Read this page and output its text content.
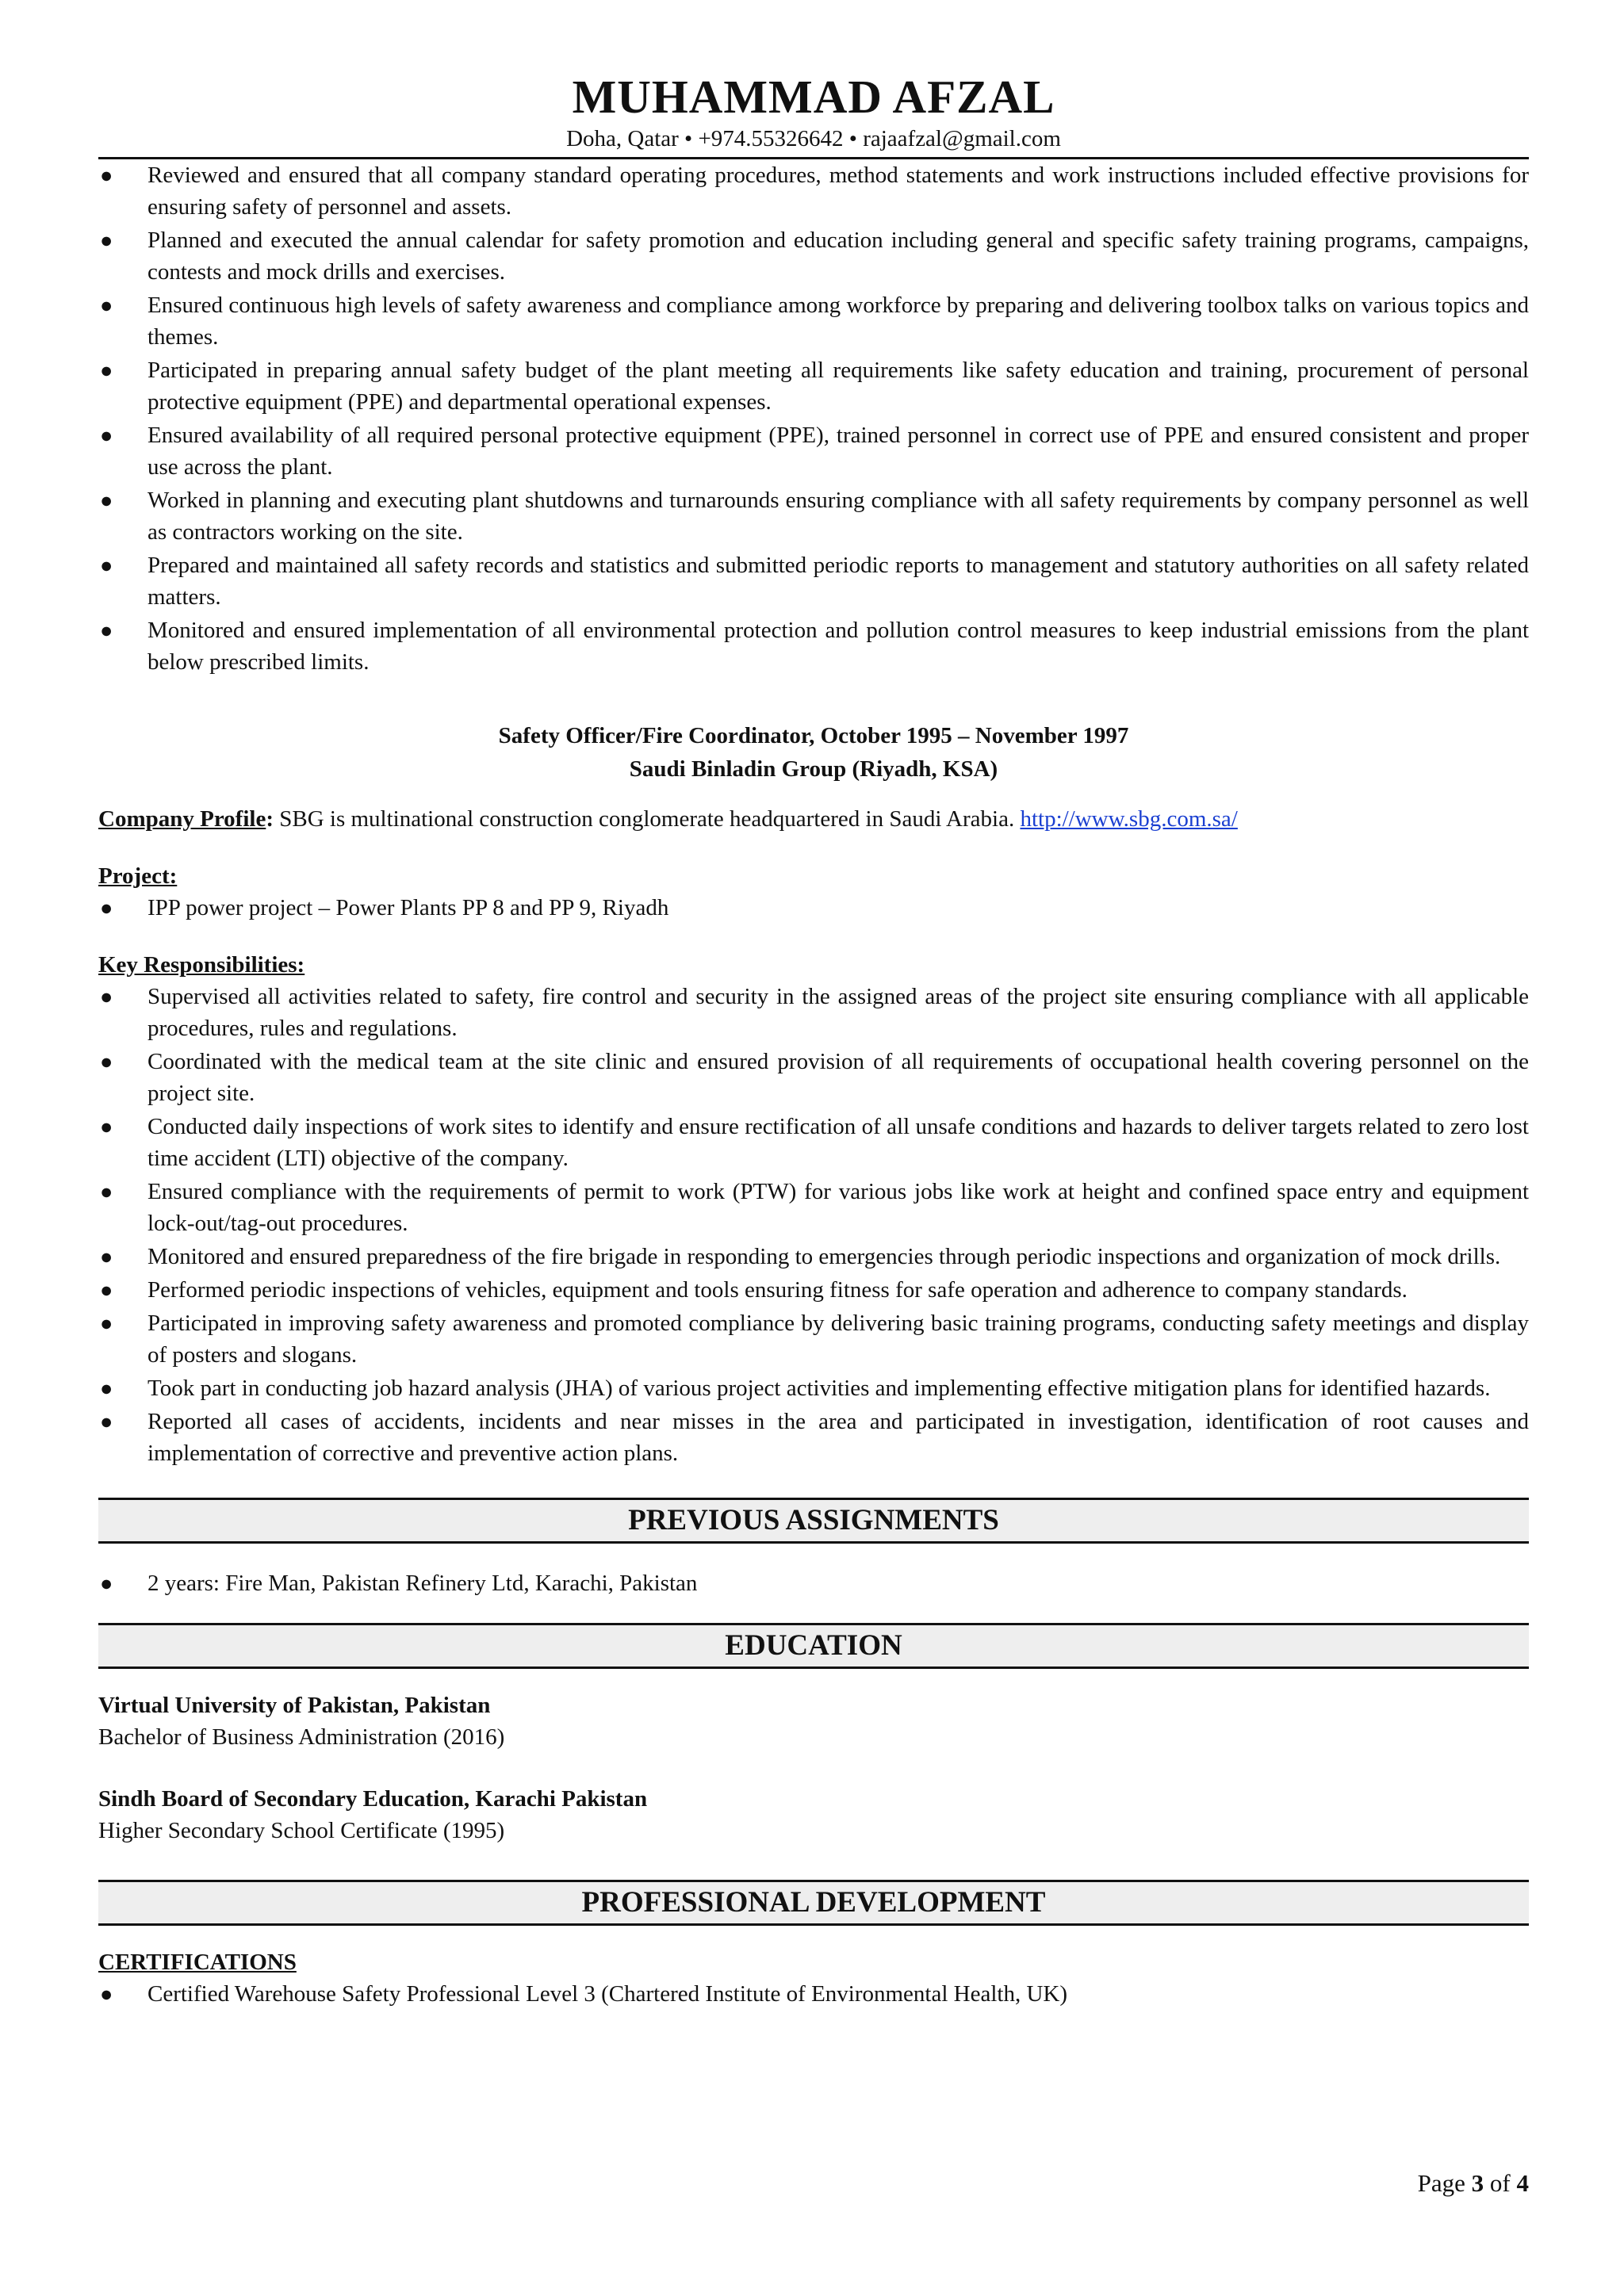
MUHAMMAD AFZAL
Doha, Qatar • +974.55326642 • rajaafzal@gmail.com
● Reviewed and ensured that all company standard operating procedures, method statements and work instructions included effective provisions for ensuring safety of personnel and assets.
● Planned and executed the annual calendar for safety promotion and education including general and specific safety training programs, campaigns, contests and mock drills and exercises.
● Ensured continuous high levels of safety awareness and compliance among workforce by preparing and delivering toolbox talks on various topics and themes.
● Participated in preparing annual safety budget of the plant meeting all requirements like safety education and training, procurement of personal protective equipment (PPE) and departmental operational expenses.
● Ensured availability of all required personal protective equipment (PPE), trained personnel in correct use of PPE and ensured consistent and proper use across the plant.
● Worked in planning and executing plant shutdowns and turnarounds ensuring compliance with all safety requirements by company personnel as well as contractors working on the site.
● Prepared and maintained all safety records and statistics and submitted periodic reports to management and statutory authorities on all safety related matters.
● Monitored and ensured implementation of all environmental protection and pollution control measures to keep industrial emissions from the plant below prescribed limits.
Safety Officer/Fire Coordinator, October 1995 – November 1997
Saudi Binladin Group (Riyadh, KSA)
Company Profile: SBG is multinational construction conglomerate headquartered in Saudi Arabia. http://www.sbg.com.sa/
Project:
● IPP power project – Power Plants PP 8 and PP 9, Riyadh
Key Responsibilities:
● Supervised all activities related to safety, fire control and security in the assigned areas of the project site ensuring compliance with all applicable procedures, rules and regulations.
● Coordinated with the medical team at the site clinic and ensured provision of all requirements of occupational health covering personnel on the project site.
● Conducted daily inspections of work sites to identify and ensure rectification of all unsafe conditions and hazards to deliver targets related to zero lost time accident (LTI) objective of the company.
● Ensured compliance with the requirements of permit to work (PTW) for various jobs like work at height and confined space entry and equipment lock-out/tag-out procedures.
● Monitored and ensured preparedness of the fire brigade in responding to emergencies through periodic inspections and organization of mock drills.
● Performed periodic inspections of vehicles, equipment and tools ensuring fitness for safe operation and adherence to company standards.
● Participated in improving safety awareness and promoted compliance by delivering basic training programs, conducting safety meetings and display of posters and slogans.
● Took part in conducting job hazard analysis (JHA) of various project activities and implementing effective mitigation plans for identified hazards.
● Reported all cases of accidents, incidents and near misses in the area and participated in investigation, identification of root causes and implementation of corrective and preventive action plans.
PREVIOUS ASSIGNMENTS
● 2 years: Fire Man, Pakistan Refinery Ltd, Karachi, Pakistan
EDUCATION
Virtual University of Pakistan, Pakistan
Bachelor of Business Administration (2016)
Sindh Board of Secondary Education, Karachi Pakistan
Higher Secondary School Certificate (1995)
PROFESSIONAL DEVELOPMENT
CERTIFICATIONS
● Certified Warehouse Safety Professional Level 3 (Chartered Institute of Environmental Health, UK)
Page 3 of 4
